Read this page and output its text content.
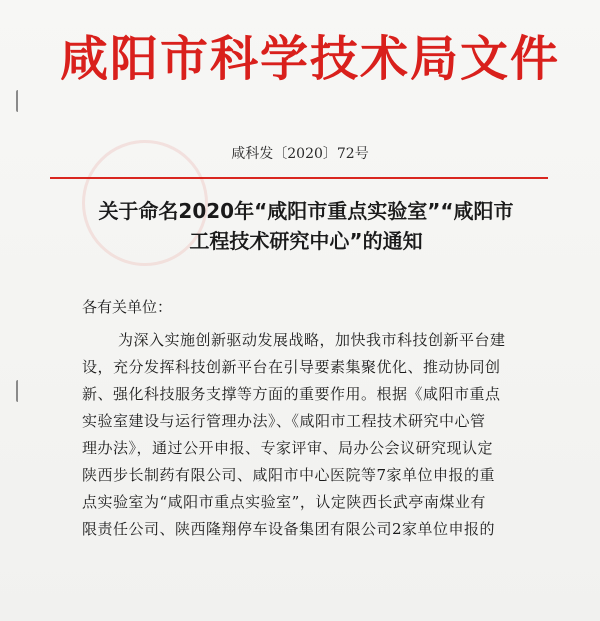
咸阳市科学技术局文件
咸科发〔2020〕72号
关于命名2020年“咸阳市重点实验室”“咸阳市
工程技术研究中心”的通知
各有关单位：
为深入实施创新驱动发展战略，加快我市科技创新平台建
设，充分发挥科技创新平台在引导要素集聚优化、推动协同创
新、强化科技服务支撑等方面的重要作用。根据《咸阳市重点
实验室建设与运行管理办法》、《咸阳市工程技术研究中心管
理办法》，通过公开申报、专家评审、局办公会议研究现认定
陕西步长制药有限公司、咸阳市中心医院等7家单位申报的重
点实验室为“咸阳市重点实验室”，认定陕西长武亭南煤业有
限责任公司、陕西隆翔停车设备集团有限公司2家单位申报的
